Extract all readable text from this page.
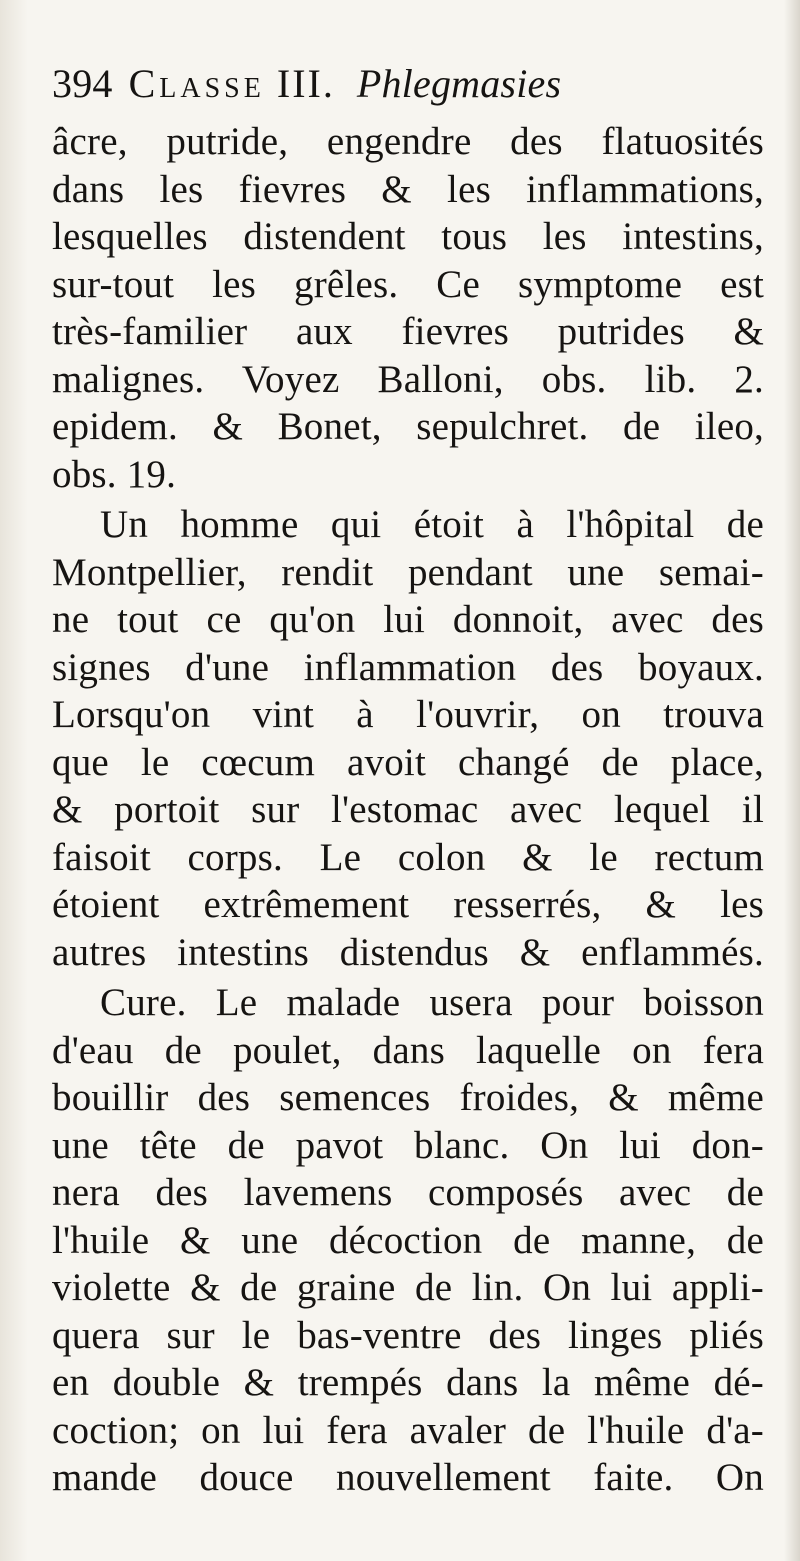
394 Classe III. Phlegmasies
âcre, putride, engendre des flatuosités
dans les fievres & les inflammations,
lesquelles distendent tous les intestins,
sur-tout les grêles. Ce symptome est
très-familier aux fievres putrides &
malignes. Voyez Balloni, obs. lib. 2.
epidem. & Bonet, sepulchret. de ileo,
obs. 19.
Un homme qui étoit à l'hôpital de
Montpellier, rendit pendant une semai-
ne tout ce qu'on lui donnoit, avec des
signes d'une inflammation des boyaux.
Lorsqu'on vint à l'ouvrir, on trouva
que le cœcum avoit changé de place,
& portoit sur l'estomac avec lequel il
faisoit corps. Le colon & le rectum
étoient extrêmement resserrés, & les
autres intestins distendus & enflammés.
Cure. Le malade usera pour boisson
d'eau de poulet, dans laquelle on fera
bouillir des semences froides, & même
une tête de pavot blanc. On lui don-
nera des lavemens composés avec de
l'huile & une décoction de manne, de
violette & de graine de lin. On lui appli-
quera sur le bas-ventre des linges pliés
en double & trempés dans la même dé-
coction; on lui fera avaler de l'huile d'a-
mande douce nouvellement faite. On
